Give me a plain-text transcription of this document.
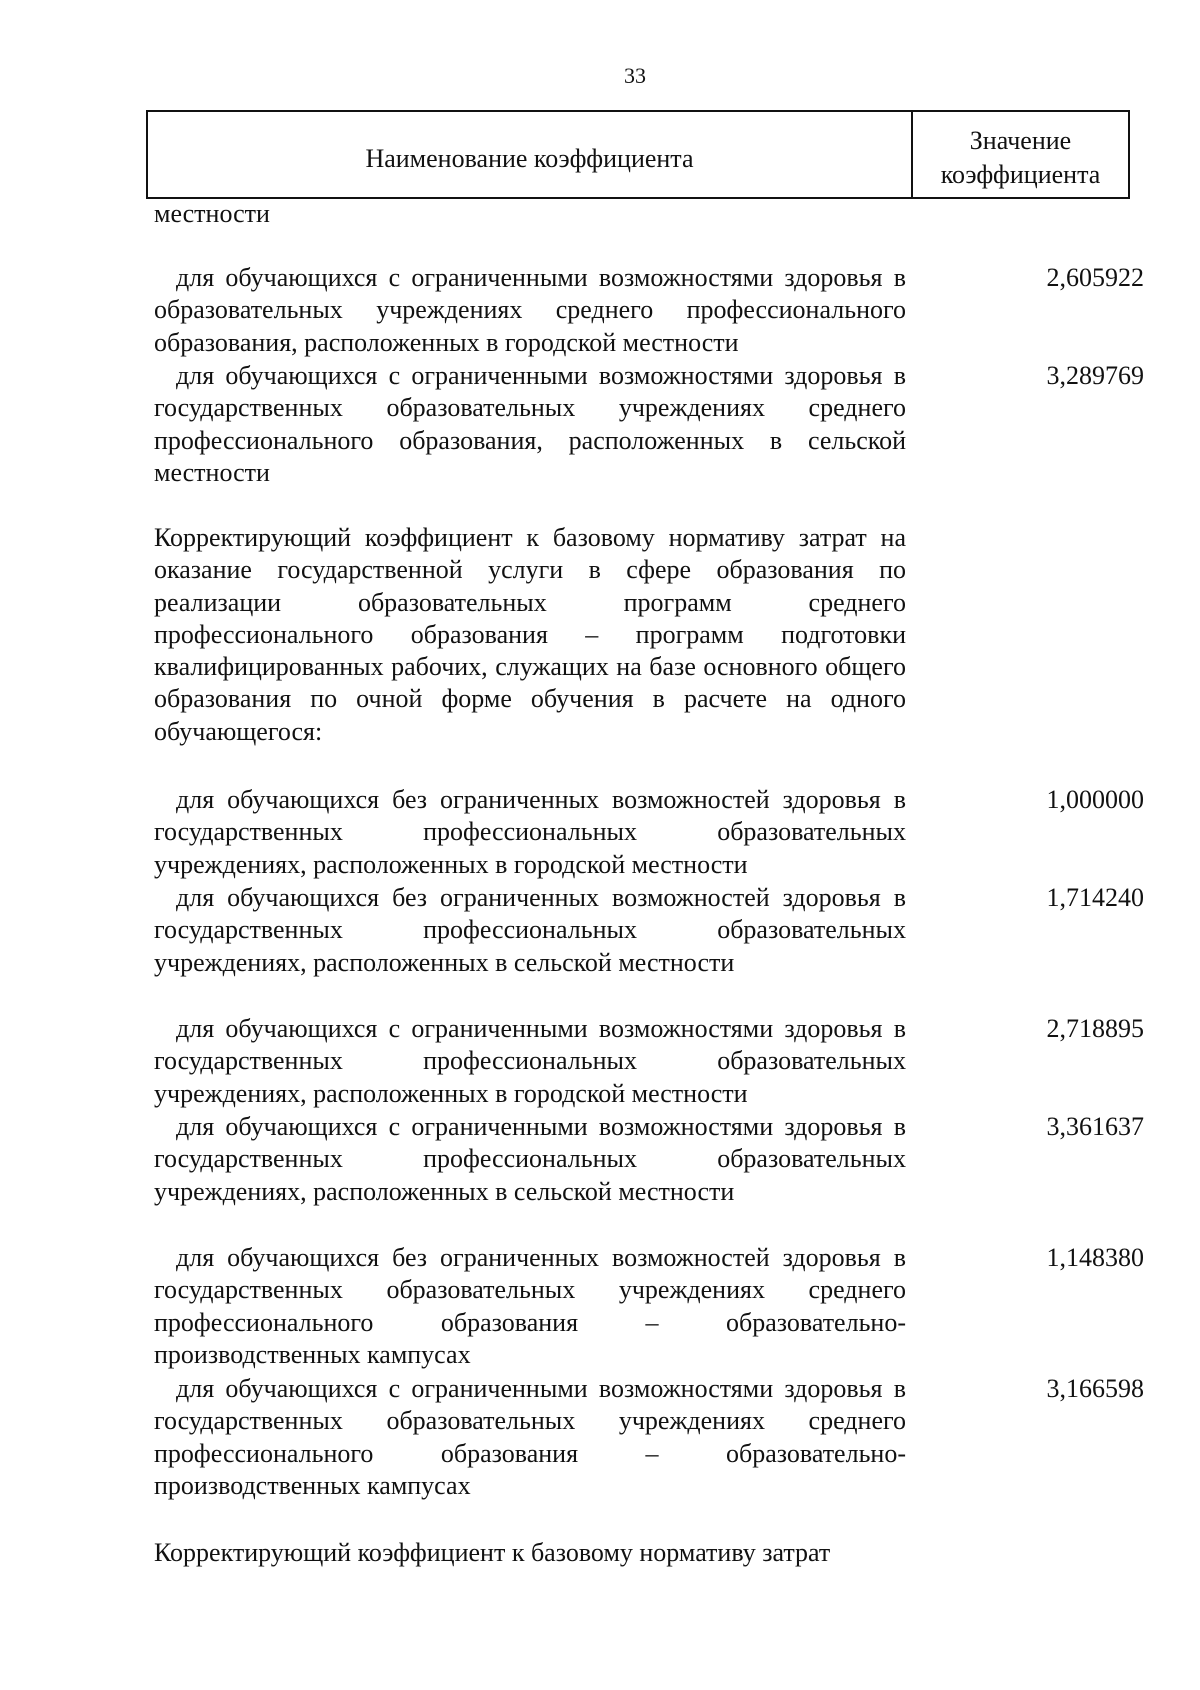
33
Наименование коэффициента
Значение
коэффициента
местности
для обучающихся с ограниченными возможностями здоровья в образовательных учреждениях среднего профессионального образования, расположенных в городской местности
2,605922
для обучающихся с ограниченными возможностями здоровья в государственных образовательных учреждениях среднего профессионального образования, расположенных в сельской местности
3,289769
Корректирующий коэффициент к базовому нормативу затрат на оказание государственной услуги в сфере образования по реализации образовательных программ среднего профессионального образования – программ подготовки квалифицированных рабочих, служащих на базе основного общего образования по очной форме обучения в расчете на одного обучающегося:
для обучающихся без ограниченных возможностей здоровья в государственных профессиональных образовательных учреждениях, расположенных в городской местности
1,000000
для обучающихся без ограниченных возможностей здоровья в государственных профессиональных образовательных учреждениях, расположенных в сельской местности
1,714240
для обучающихся с ограниченными возможностями здоровья в государственных профессиональных образовательных учреждениях, расположенных в городской местности
2,718895
для обучающихся с ограниченными возможностями здоровья в государственных профессиональных образовательных учреждениях, расположенных в сельской местности
3,361637
для обучающихся без ограниченных возможностей здоровья в государственных образовательных учреждениях среднего профессионального образования – образовательно-производственных кампусах
1,148380
для обучающихся с ограниченными возможностями здоровья в государственных образовательных учреждениях среднего профессионального образования – образовательно-производственных кампусах
3,166598
Корректирующий коэффициент к базовому нормативу затрат
